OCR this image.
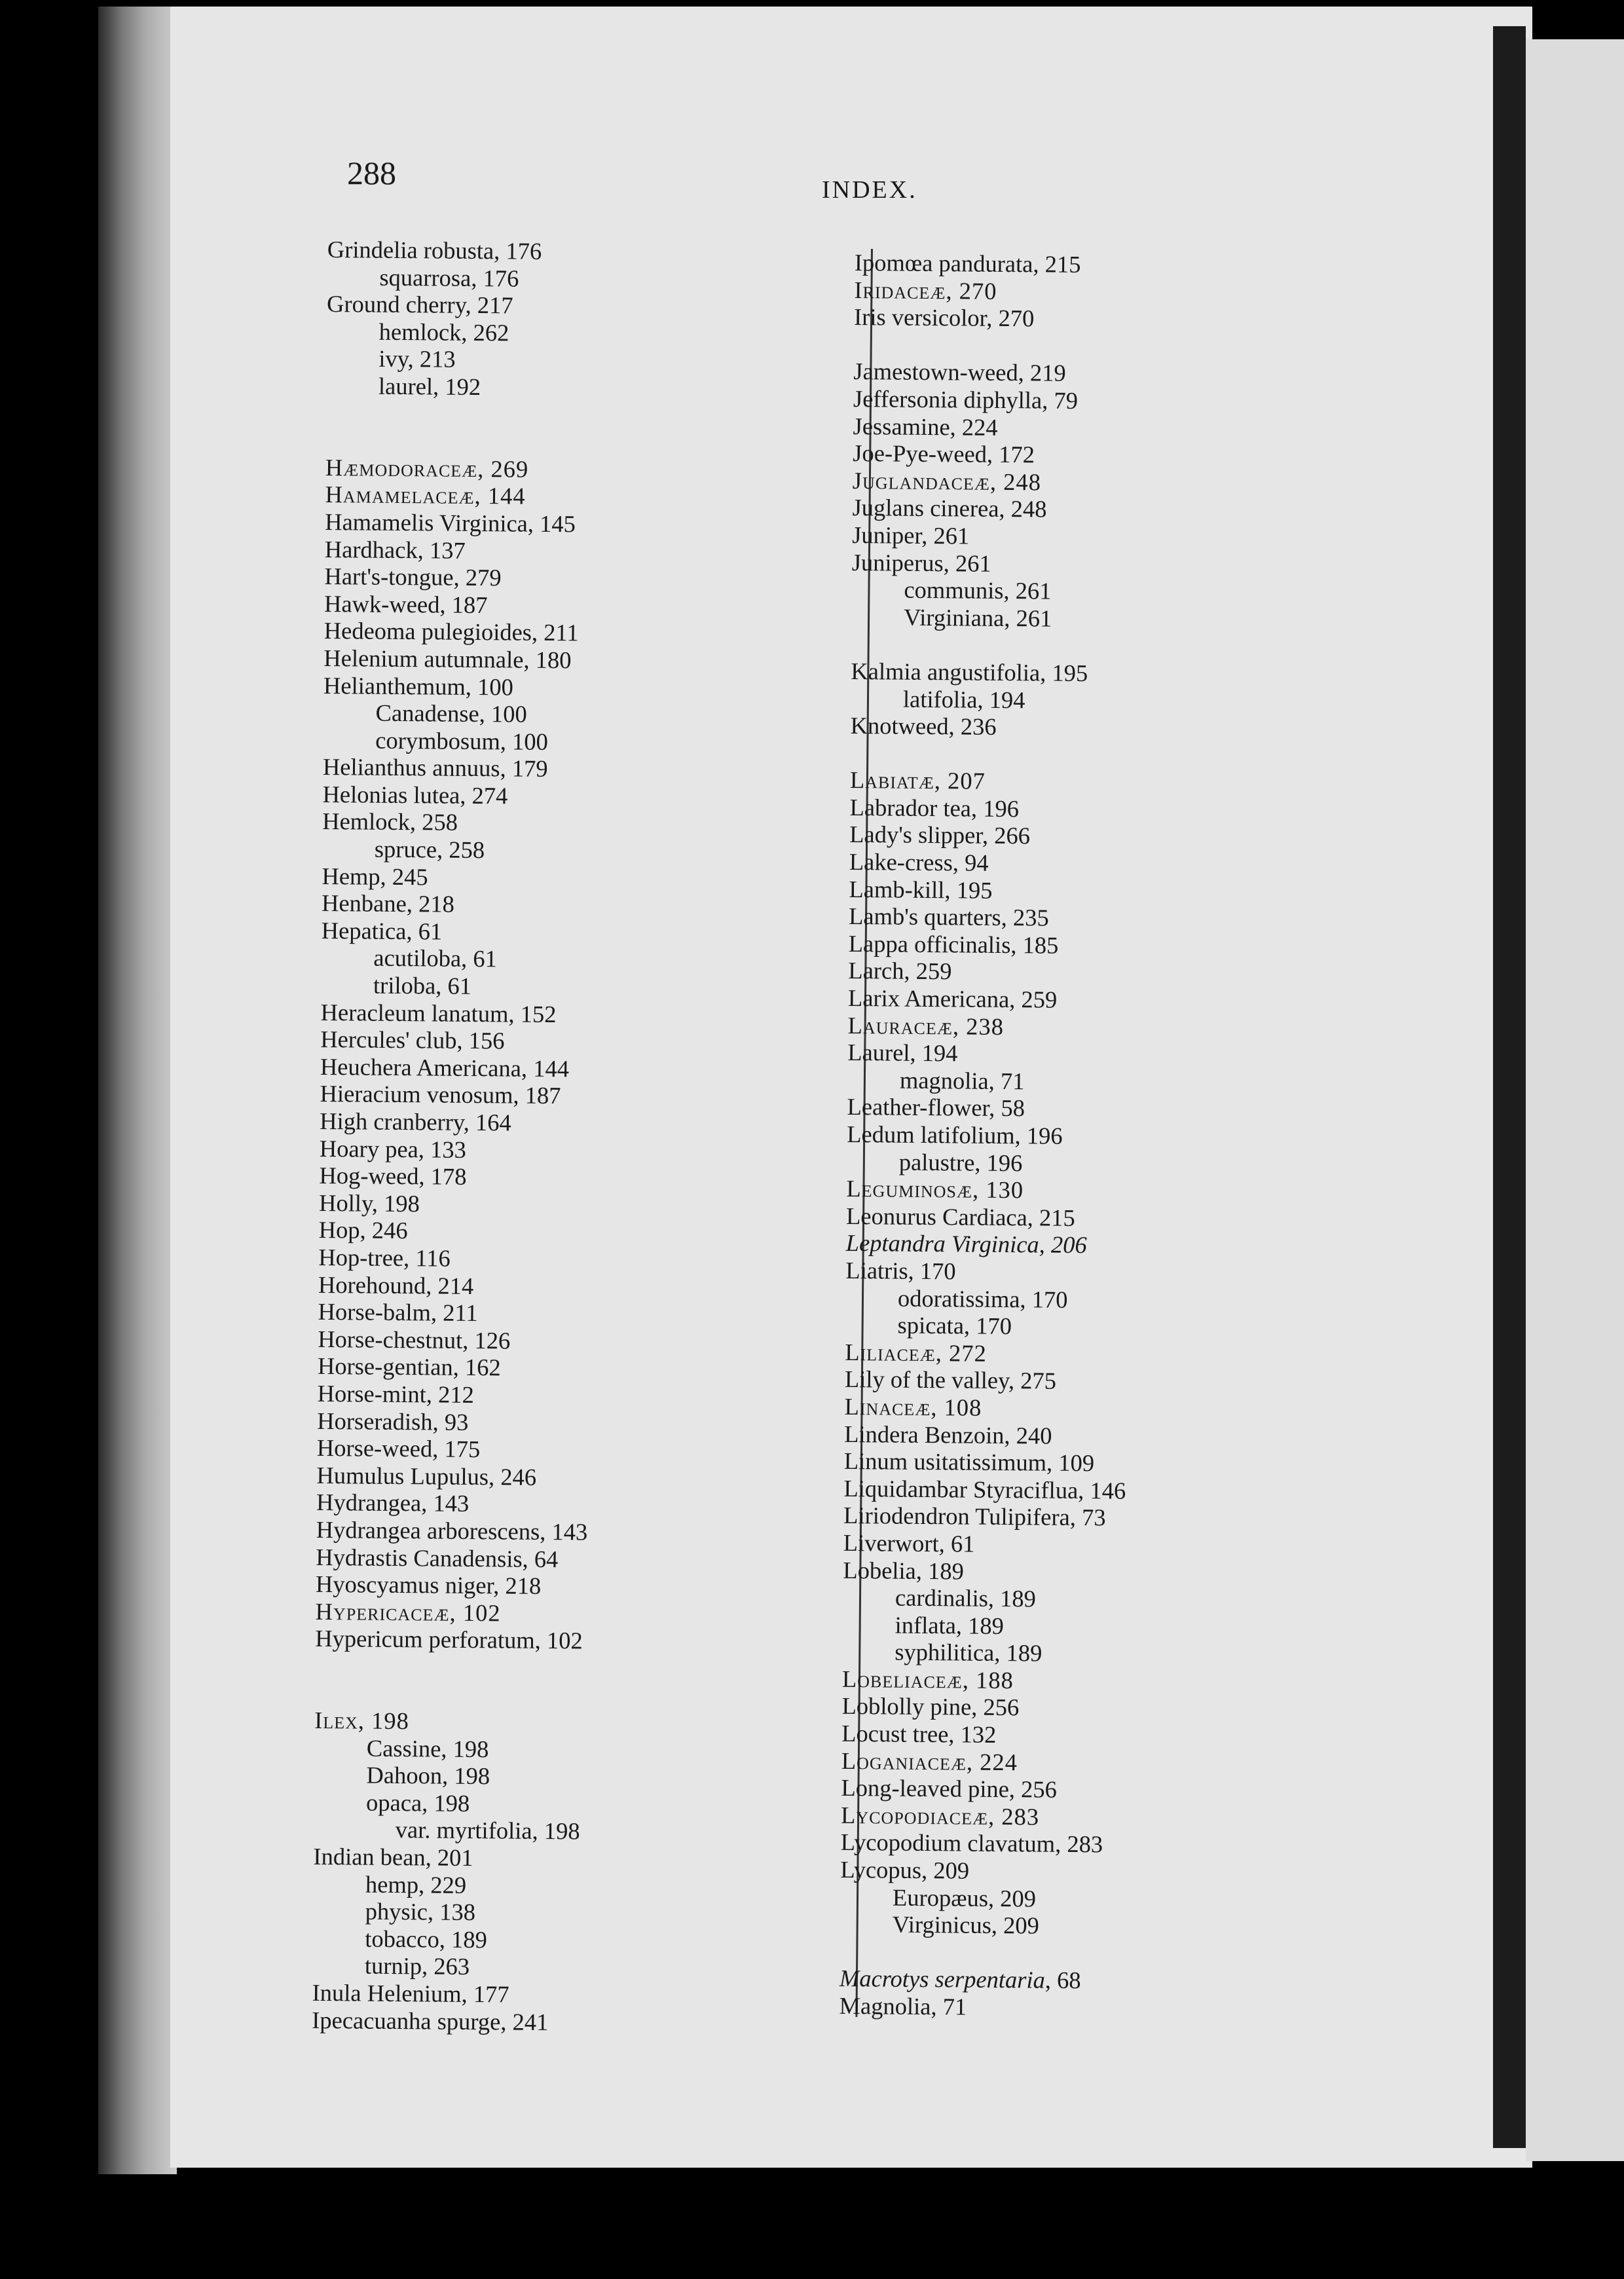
288	INDEX.
Grindelia robusta, 176
squarrosa, 176
Ground cherry, 217
hemlock, 262
ivy, 213
laurel, 192
Hæmodoraceæ, 269
Hamamelaceæ, 144
Hamamelis Virginica, 145
Hardhack, 137
Hart's-tongue, 279
Hawk-weed, 187
Hedeoma pulegioides, 211
Helenium autumnale, 180
Helianthemum, 100
Canadense, 100
corymbosum, 100
Helianthus annuus, 179
Helonias lutea, 274
Hemlock, 258
spruce, 258
Hemp, 245
Henbane, 218
Hepatica, 61
acutiloba, 61
triloba, 61
Heracleum lanatum, 152
Hercules' club, 156
Heuchera Americana, 144
Hieracium venosum, 187
High cranberry, 164
Hoary pea, 133
Hog-weed, 178
Holly, 198
Hop, 246
Hop-tree, 116
Horehound, 214
Horse-balm, 211
Horse-chestnut, 126
Horse-gentian, 162
Horse-mint, 212
Horseradish, 93
Horse-weed, 175
Humulus Lupulus, 246
Hydrangea, 143
Hydrangea arborescens, 143
Hydrastis Canadensis, 64
Hyoscyamus niger, 218
Hypericaceæ, 102
Hypericum perforatum, 102
Ilex, 198
Cassine, 198
Dahoon, 198
opaca, 198
var. myrtifolia, 198
Indian bean, 201
hemp, 229
physic, 138
tobacco, 189
turnip, 263
Inula Helenium, 177
Ipecacuanha spurge, 241
Ipomœa pandurata, 215
Iridaceæ, 270
Iris versicolor, 270
Jamestown-weed, 219
Jeffersonia diphylla, 79
Jessamine, 224
Joe-Pye-weed, 172
Juglandaceæ, 248
Juglans cinerea, 248
Juniper, 261
Juniperus, 261
communis, 261
Virginiana, 261
Kalmia angustifolia, 195
latifolia, 194
Knotweed, 236
Labiatæ, 207
Labrador tea, 196
Lady's slipper, 266
Lake-cress, 94
Lamb-kill, 195
Lamb's quarters, 235
Lappa officinalis, 185
Larch, 259
Larix Americana, 259
Lauraceæ, 238
Laurel, 194
magnolia, 71
Leather-flower, 58
Ledum latifolium, 196
palustre, 196
Leguminosæ, 130
Leonurus Cardiaca, 215
Leptandra Virginica, 206
Liatris, 170
odoratissima, 170
spicata, 170
Liliaceæ, 272
Lily of the valley, 275
Linaceæ, 108
Lindera Benzoin, 240
Linum usitatissimum, 109
Liquidambar Styraciflua, 146
Liriodendron Tulipifera, 73
Liverwort, 61
Lobelia, 189
cardinalis, 189
inflata, 189
syphilitica, 189
Lobeliaceæ, 188
Loblolly pine, 256
Locust tree, 132
Loganiaceæ, 224
Long-leaved pine, 256
Lycopodiaceæ, 283
Lycopodium clavatum, 283
Lycopus, 209
Europæus, 209
Virginicus, 209
Macrotys serpentaria, 68
Magnolia, 71
